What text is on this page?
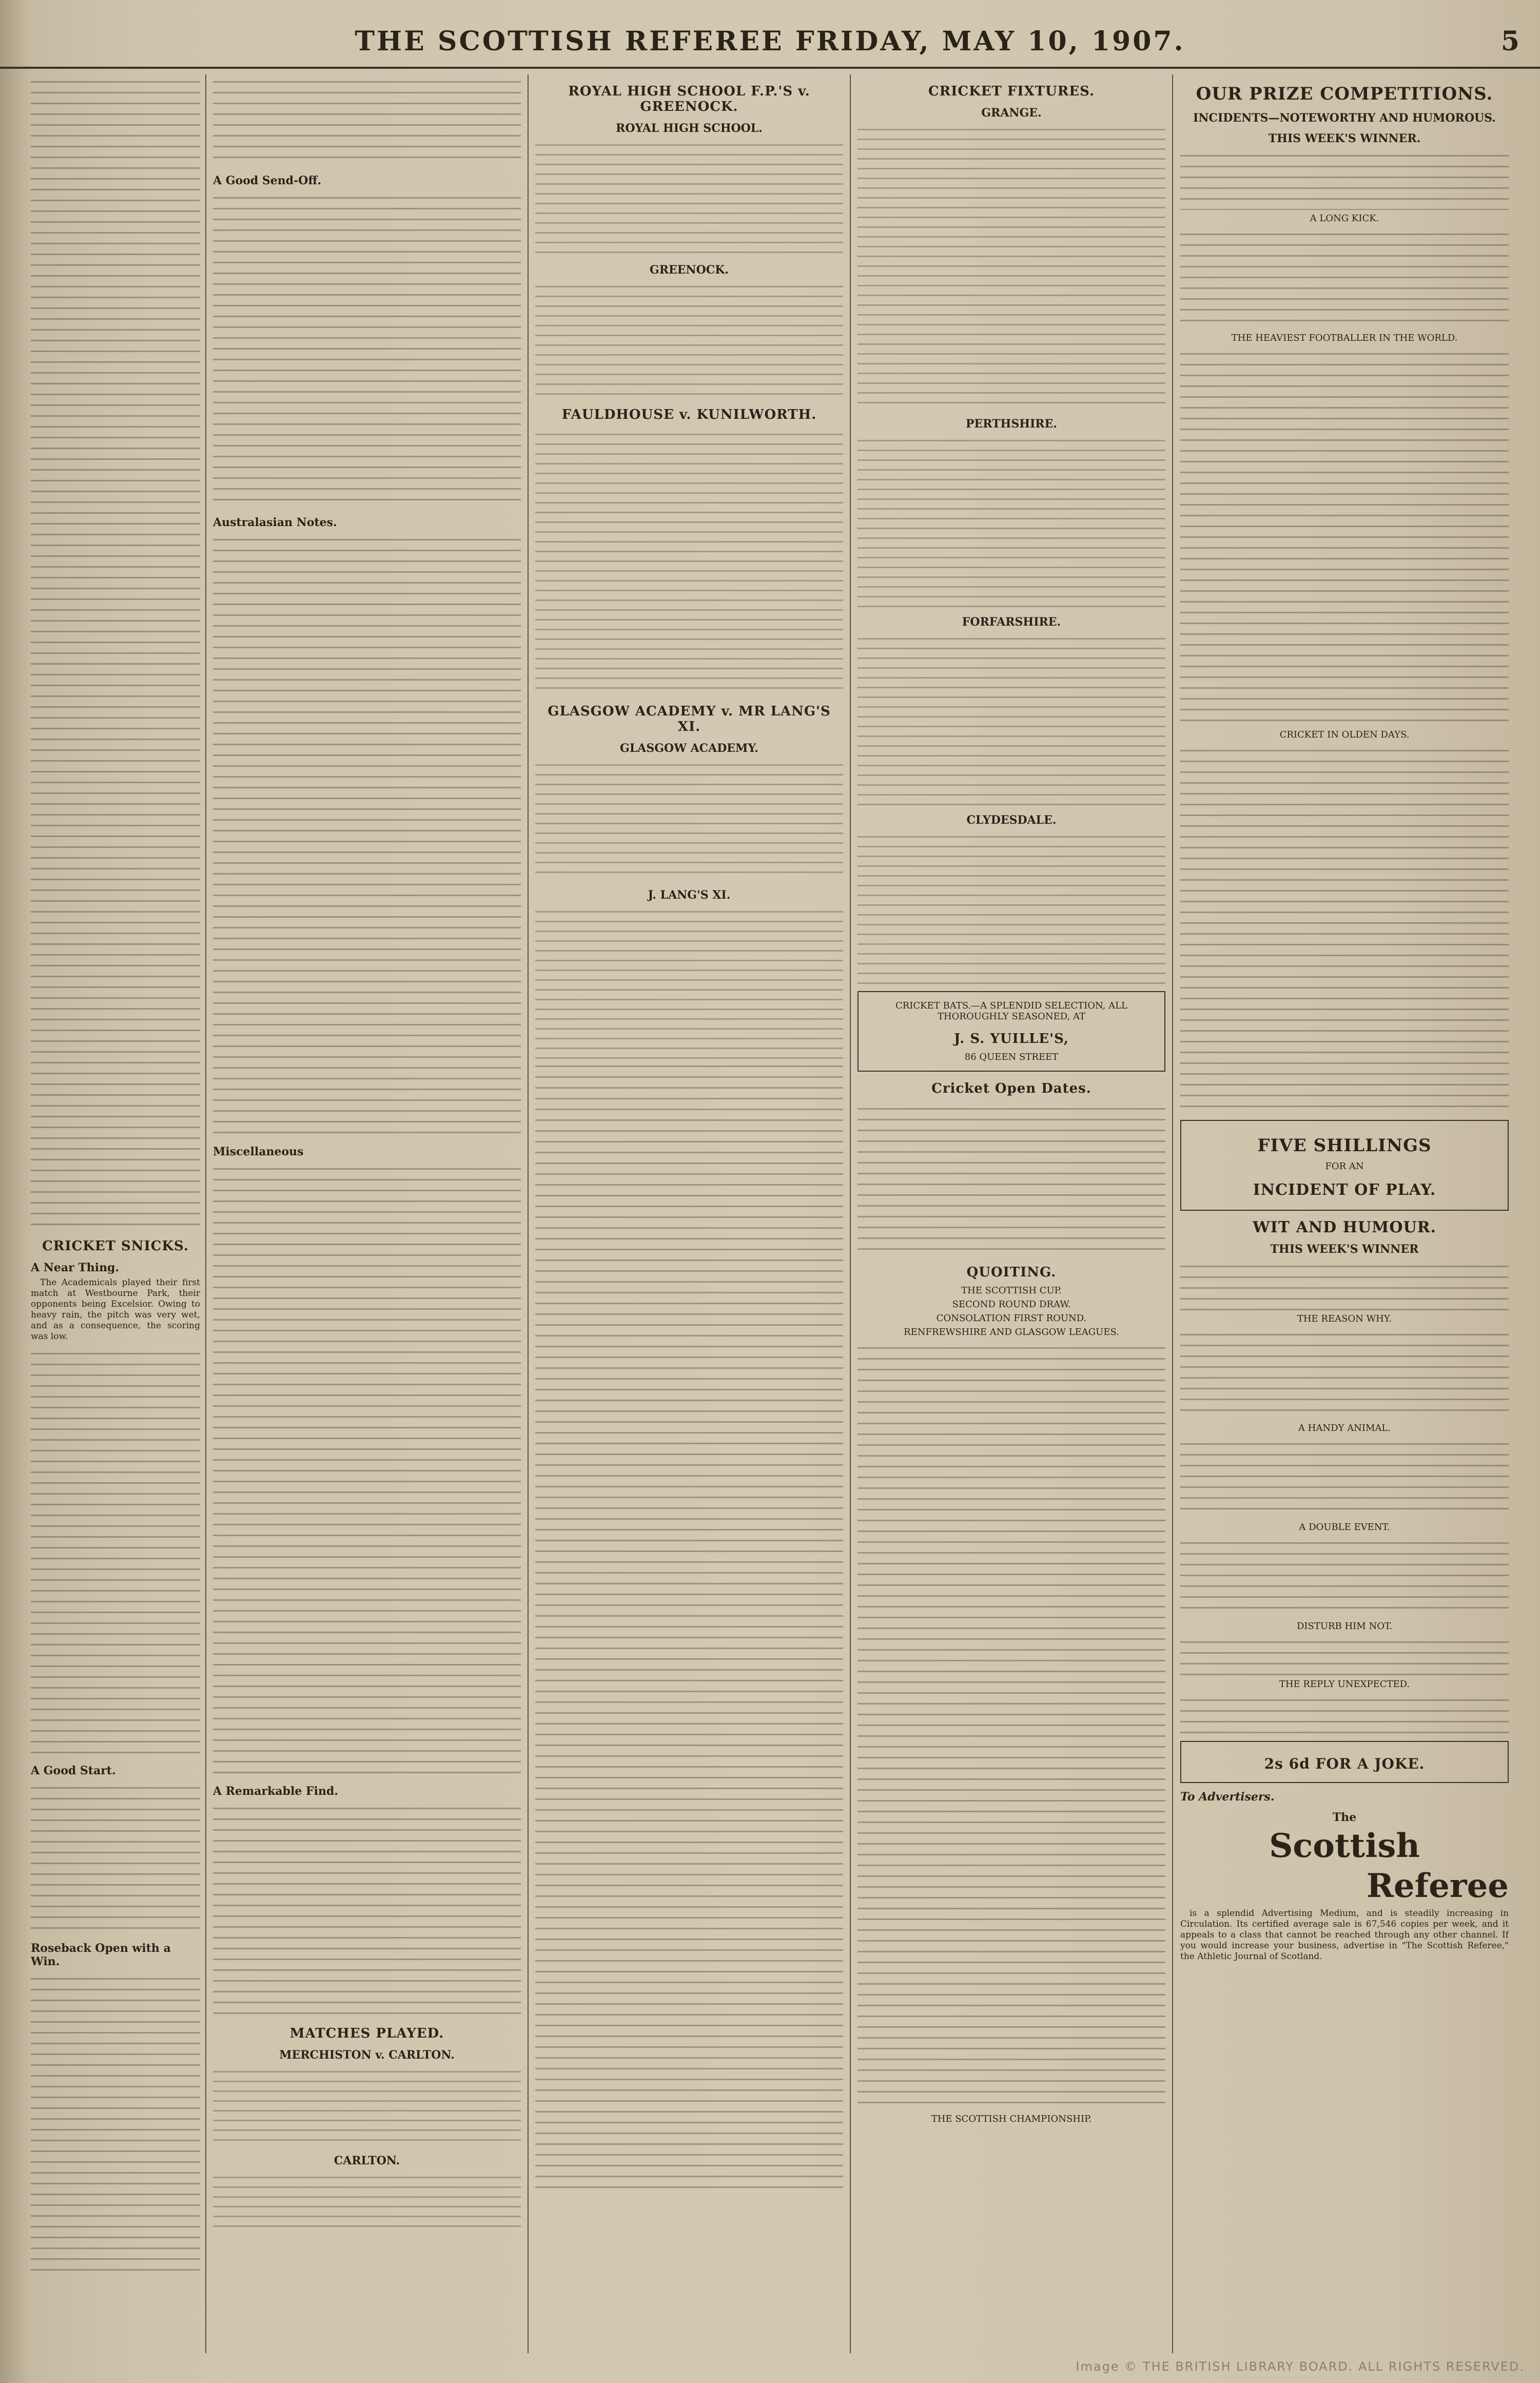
THE SCOTTISH REFEREE FRIDAY, MAY 10, 1907.	5
CRICKET SNICKS.
A Near Thing.

The Academicals played their first match at Westbourne Park, their opponents being Excelsior. Owing to heavy rain, the pitch was very wet, and as a consequence, the scoring was low.

A Good Start.
Roseback Open with a Win.
A Good Send-Off.
Australasian Notes.
Miscellaneous
A Remarkable Find.
MATCHES PLAYED.
MERCHISTON v. CARLTON.
CARLTON.
ROYAL HIGH SCHOOL F.P.'S v. GREENOCK.
ROYAL HIGH SCHOOL.
GREENOCK.
FAULDHOUSE v. KUNILWORTH.
GLASGOW ACADEMY v. MR LANG'S XI.
GLASGOW ACADEMY.
J. LANG'S XI.
CRICKET FIXTURES.
GRANGE.
PERTHSHIRE.
FORFARSHIRE.
CLYDESDALE.
CRICKET BATS.—A SPLENDID SELECTION, ALL THOROUGHLY SEASONED, AT
J. S. YUILLE'S,
86 QUEEN STREET
Cricket Open Dates.
QUOITING.
THE SCOTTISH CUP.
SECOND ROUND DRAW.
CONSOLATION FIRST ROUND.
RENFREWSHIRE AND GLASGOW LEAGUES.
THE SCOTTISH CHAMPIONSHIP.
OUR PRIZE COMPETITIONS.
INCIDENTS—NOTEWORTHY AND HUMOROUS.
THIS WEEK'S WINNER.
A LONG KICK.
THE HEAVIEST FOOTBALLER IN THE WORLD.
CRICKET IN OLDEN DAYS.
FIVE SHILLINGS
FOR AN
INCIDENT OF PLAY.
WIT AND HUMOUR.
THIS WEEK'S WINNER
THE REASON WHY.
A HANDY ANIMAL.
A DOUBLE EVENT.
DISTURB HIM NOT.
THE REPLY UNEXPECTED.
2s 6d FOR A JOKE.
To Advertisers.
The
Scottish
Referee

is a splendid Advertising Medium, and is steadily increasing in Circulation. Its certified average sale is 67,546 copies per week, and it appeals to a class that cannot be reached through any other channel. If you would increase your business, advertise in "The Scottish Referee," the Athletic Journal of Scotland.

Image © THE BRITISH LIBRARY BOARD. ALL RIGHTS RESERVED.
